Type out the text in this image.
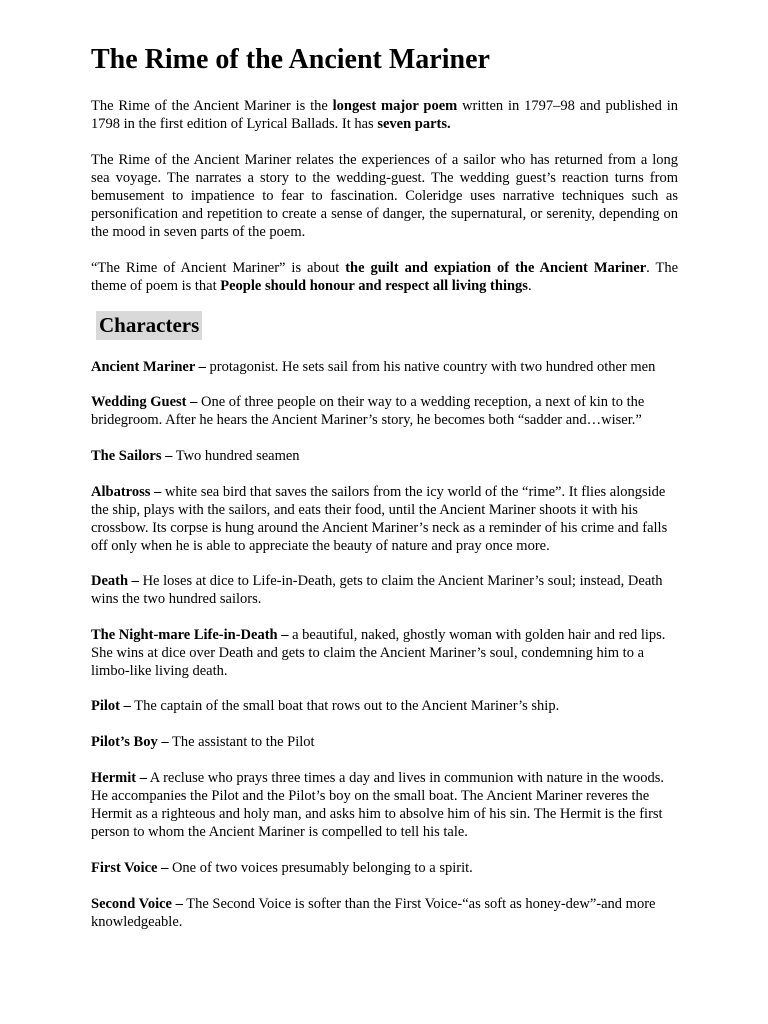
The Rime of the Ancient Mariner

The Rime of the Ancient Mariner is the longest major poem written in 1797–98 and published in 1798 in the first edition of Lyrical Ballads. It has seven parts.

The Rime of the Ancient Mariner relates the experiences of a sailor who has returned from a long sea voyage. The narrates a story to the wedding-guest. The wedding guest’s reaction turns from bemusement to impatience to fear to fascination. Coleridge uses narrative techniques such as personification and repetition to create a sense of danger, the supernatural, or serenity, depending on the mood in seven parts of the poem.

“The Rime of Ancient Mariner” is about the guilt and expiation of the Ancient Mariner. The theme of poem is that People should honour and respect all living things.

Characters

Ancient Mariner – protagonist. He sets sail from his native country with two hundred other men

Wedding Guest – One of three people on their way to a wedding reception, a next of kin to the bridegroom. After he hears the Ancient Mariner’s story, he becomes both “sadder and…wiser.”

The Sailors – Two hundred seamen

Albatross – white sea bird that saves the sailors from the icy world of the “rime”. It flies alongside the ship, plays with the sailors, and eats their food, until the Ancient Mariner shoots it with his crossbow. Its corpse is hung around the Ancient Mariner’s neck as a reminder of his crime and falls off only when he is able to appreciate the beauty of nature and pray once more.

Death – He loses at dice to Life-in-Death, gets to claim the Ancient Mariner’s soul; instead, Death wins the two hundred sailors.

The Night-mare Life-in-Death – a beautiful, naked, ghostly woman with golden hair and red lips. She wins at dice over Death and gets to claim the Ancient Mariner’s soul, condemning him to a limbo-like living death.

Pilot – The captain of the small boat that rows out to the Ancient Mariner’s ship.

Pilot’s Boy – The assistant to the Pilot

Hermit – A recluse who prays three times a day and lives in communion with nature in the woods. He accompanies the Pilot and the Pilot’s boy on the small boat. The Ancient Mariner reveres the Hermit as a righteous and holy man, and asks him to absolve him of his sin. The Hermit is the first person to whom the Ancient Mariner is compelled to tell his tale.

First Voice – One of two voices presumably belonging to a spirit.

Second Voice – The Second Voice is softer than the First Voice-“as soft as honey-dew”-and more knowledgeable.
